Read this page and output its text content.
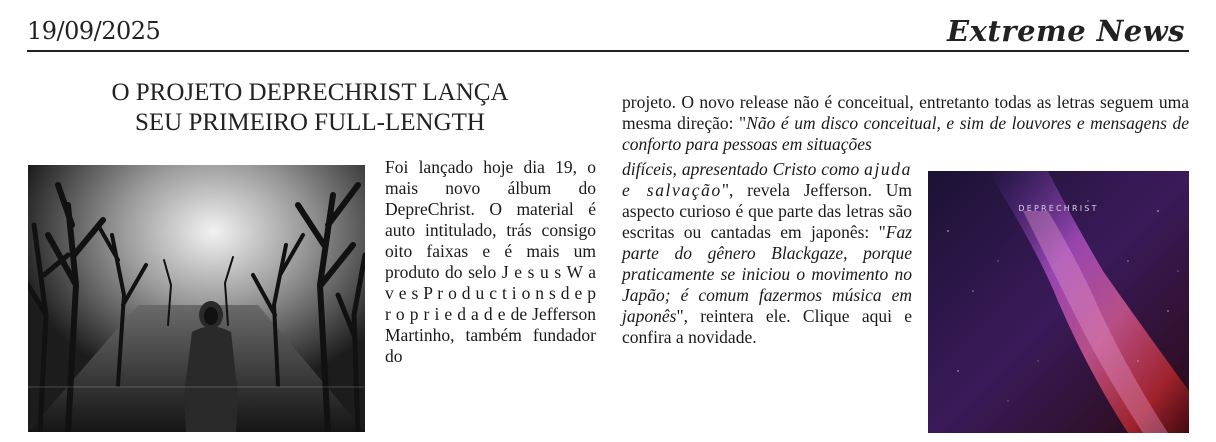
19/09/2025	Extreme News
O PROJETO DEPRECHRIST LANÇA
SEU PRIMEIRO FULL-LENGTH

Foi lançado hoje dia 19, o mais novo álbum do DepreChrist. O material é auto intitulado, trás consigo oito faixas e é mais um produto do selo J e s u s W a v e s P r o d u c t i o n s d e p r o p r i e d a d e de Jefferson Martinho, também fundador do

projeto. O novo release não é conceitual, entretanto todas as letras seguem uma mesma direção: "Não é um disco conceitual, e sim de louvores e mensagens de conforto para pessoas em situações

difíceis, apresentado Cristo como ajuda e salvação", revela Jefferson. Um aspecto curioso é que parte das letras são escritas ou cantadas em japonês: "Faz parte do gênero Blackgaze, porque praticamente se iniciou o movimento no Japão; é comum fazermos música em japonês", reintera ele. Clique aqui e confira a novidade.

DEPRECHRIST
